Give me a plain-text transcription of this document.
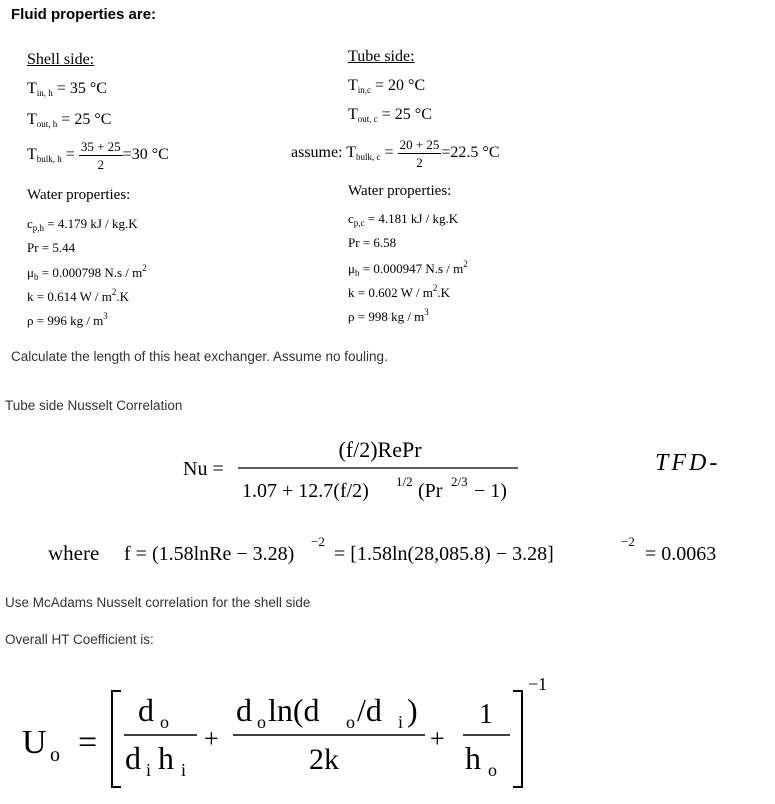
Fluid properties are:
Shell side:
$T_{in, h} = 35$ °C
$T_{out, h} = 25$ °C
$T_{bulk, h} = \frac{35 + 25}{2} =30$ °C
Water properties:
$c_{p,h} = 4.179$ kJ / kg.K
Pr = 5.44
$\mu_b = 0.000798$ $N.s / m^2$
k = 0.614 W / $m^2.K$
ρ = 996 kg / $m^3$
Tube side:
$T_{in,c} = 20$ °C
$T_{out, c} = 25$ °C
assume: $T_{bulk, c} = \frac{20 + 25}{2} =22.5$ °C
Water properties:
$c_{p,c} = 4.181$ kJ / kg.K
Pr = 6.58
$\mu_b = 0.000947$ $N.s / m^2$
k = 0.602 W / $m^2.K$
ρ = 998 kg / $m^3$
Calculate the length of this heat exchanger. Assume no fouling.
Tube side Nusselt Correlation
Nu =
(f/2)RePr
1.07 + 12.7(f/2) 1/2 (Pr 2/3 − 1)
TFD-
where f = (1.58lnRe − 3.28)
−2
= [1.58ln(28,085.8) − 3.28]
−2
= 0.0063
Use McAdams Nusselt correlation for the shell side
Overall HT Coefficient is:
U o =
d o
d i h i
+
d o ln(d o /d i )
2k
+
1
h o
−1
